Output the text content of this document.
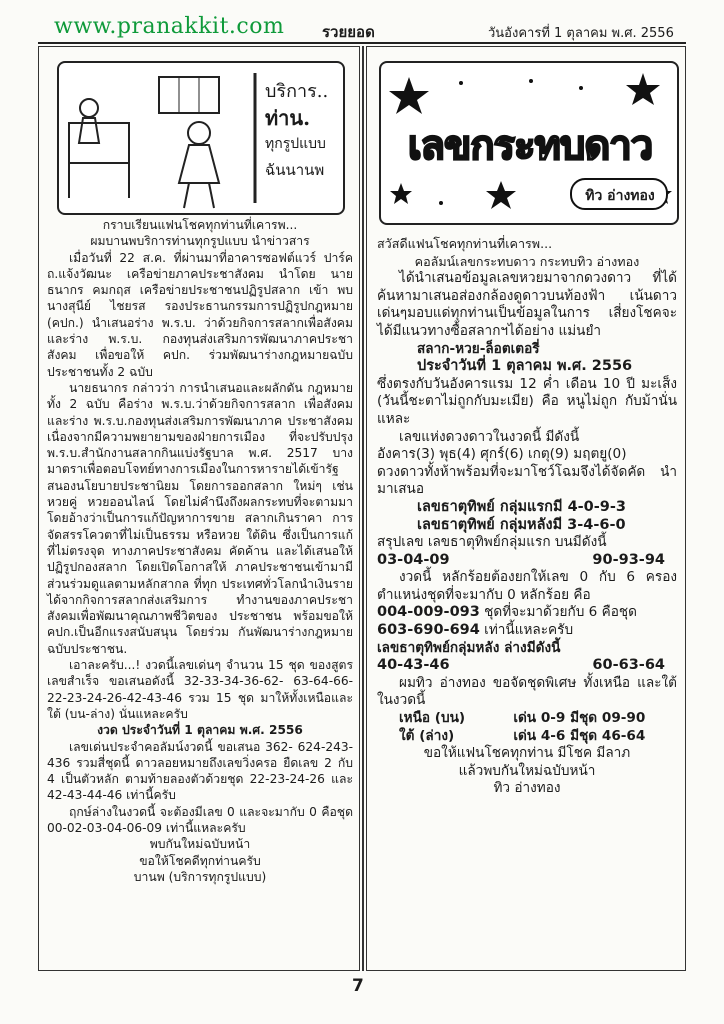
www.pranakkit.com	รวยยอด	วันอังคารที่ 1 ตุลาคม พ.ศ. 2556
บริการ..
ท่าน.
ทุกรูปแบบ
ฉันนานพ

กราบเรียนแฟนโชคทุกท่านที่เคารพ...

ผมบานพบริการท่านทุกรูปแบบ นำข่าวสาร

เมื่อวันที่ 22 ส.ค. ที่ผ่านมาที่อาคารซอฟต์แวร์ ปาร์ค ถ.แจ้งวัฒนะ เครือข่ายภาคประชาสังคม นำโดย นายธนากร คมกฤส เครือข่ายประชาชนปฏิรูปสลาก เข้า พบนางสุนีย์ ไชยรส รองประธานกรรมการปฏิรูปกฎหมาย (คปก.) นำเสนอร่าง พ.ร.บ. ว่าด้วยกิจการสลากเพื่อสังคม และร่าง พ.ร.บ. กองทุนส่งเสริมการพัฒนาภาคประชา สังคม เพื่อขอให้ คปก. ร่วมพัฒนาร่างกฎหมายฉบับ ประชาชนทั้ง 2 ฉบับ

นายธนากร กล่าวว่า การนำเสนอและผลักดัน กฎหมาย ทั้ง 2 ฉบับ คือร่าง พ.ร.บ.ว่าด้วยกิจการสลาก เพื่อสังคม และร่าง พ.ร.บ.กองทุนส่งเสริมการพัฒนาภาค ประชาสังคม เนื่องจากมีความพยายามของฝ่ายการเมือง ที่จะปรับปรุง พ.ร.บ.สำนักงานสลากกินแบ่งรัฐบาล พ.ศ. 2517 บางมาตราเพื่อตอบโจทย์ทางการเมืองในการหารายได้เข้ารัฐ สนองนโยบายประชานิยม โดยการออกสลาก ใหม่ๆ เช่น หวยคู่ หวยออนไลน์ โดยไม่คำนึงถึงผลกระทบที่จะตามมา โดยอ้างว่าเป็นการแก้ปัญหาการขาย สลากเกินราคา การจัดสรรโควตาที่ไม่เป็นธรรม หรือหวย ใต้ดิน ซึ่งเป็นการแก้ที่ไม่ตรงจุด ทางภาคประชาสังคม คัดค้าน และได้เสนอให้ปฏิรูปกองสลาก โดยเปิดโอกาสให้ ภาคประชาชนเข้ามามีส่วนร่วมดูแลตามหลักสากล ที่ทุก ประเทศทั่วโลกนำเงินรายได้จากกิจการสลากส่งเสริมการ ทำงานของภาคประชาสังคมเพื่อพัฒนาคุณภาพชีวิตของ ประชาชน พร้อมขอให้ คปก.เป็นอีกแรงสนับสนุน โดยร่วม กันพัฒนาร่างกฎหมายฉบับประชาชน.

เอาละครับ...! งวดนี้เลขเด่นๆ จำนวน 15 ชุด ของสูตรเลขสำเร็จ ขอเสนอดังนี้ 32-33-34-36-62- 63-64-66-22-23-24-26-42-43-46 รวม 15 ชุด มาให้ทั้งเหนือและใต้ (บน-ล่าง) นั่นแหละครับ

งวด ประจำวันที่ 1 ตุลาคม พ.ศ. 2556

เลขเด่นประจำคอลัมน์งวดนี้ ขอเสนอ 362- 624-243-436 รวมสี่ชุดนี้ ดาวลอยหมายถึงเลขวิ่งครอ ยืดเลข 2 กับ 4 เป็นตัวหลัก ตามท้ายลองตัวด้วยชุด 22-23-24-26 และ 42-43-44-46 เท่านี้ครับ

ฤกษ์ล่างในงวดนี้ จะต้องมีเลข 0 และจะมากับ 0 คือชุด 00-02-03-04-06-09 เท่านี้แหละครับ

พบกันใหม่ฉบับหน้า

ขอให้โชคดีทุกท่านครับ

บานพ (บริการทุกรูปแบบ)

เลขกระทบดาว
ทิว อ่างทอง

สวัสดีแฟนโชคทุกท่านที่เคารพ...

คอลัมน์เลขกระทบดาว กระทบทิว อ่างทอง

ได้นำเสนอข้อมูลเลขหวยมาจากดวงดาว ที่ได้ค้นหามาเสนอส่องกล้องดูดาวบนท้องฟ้า เน้นดาวเด่นๆมอบแด่ทุกท่านเป็นข้อมูลในการ เสี่ยงโชคจะได้มีแนวทางซื้อสลากฯได้อย่าง แม่นยำ

สลาก-หวย-ล็อตเตอรี่

ประจำวันที่ 1 ตุลาคม พ.ศ. 2556

ซึ่งตรงกับวันอังคารแรม 12 ค่ำ เดือน 10 ปี มะเส็ง (วันนี้ชะตาไม่ถูกกับมะเมีย) คือ หนูไม่ถูก กับม้านั่นแหละ

เลขแห่งดวงดาวในงวดนี้ มีดังนี้

อังคาร(3) พุธ(4) ศุกร์(6) เกตุ(9) มฤตยู(0)

ดวงดาวทั้งห้าพร้อมที่จะมาโชว์โฉมจึงได้จัดคัด นำมาเสนอ

เลขธาตุทิพย์ กลุ่มแรกมี 4-0-9-3

เลขธาตุทิพย์ กลุ่มหลังมี 3-4-6-0

สรุปเลข เลขธาตุทิพย์กลุ่มแรก บนมีดังนี้

03-04-09	90-93-94

งวดนี้ หลักร้อยต้องยกให้เลข 0 กับ 6 ครองตำแหน่งชุดที่จะมากับ 0 หลักร้อย คือ

004-009-093 ชุดที่จะมาด้วยกับ 6 คือชุด

603-690-694 เท่านี้แหละครับ

เลขธาตุทิพย์กลุ่มหลัง ล่างมีดังนี้

40-43-46	60-63-64

ผมทิว อ่างทอง ขอจัดชุดพิเศษ ทั้งเหนือ และใต้ ในงวดนี้

เหนือ (บน)	เด่น 0-9 มีชุด 09-90

ใต้ (ล่าง)	เด่น 4-6 มีชุด 46-64

ขอให้แฟนโชคทุกท่าน มีโชค มีลาภ

แล้วพบกันใหม่ฉบับหน้า

ทิว อ่างทอง

7
